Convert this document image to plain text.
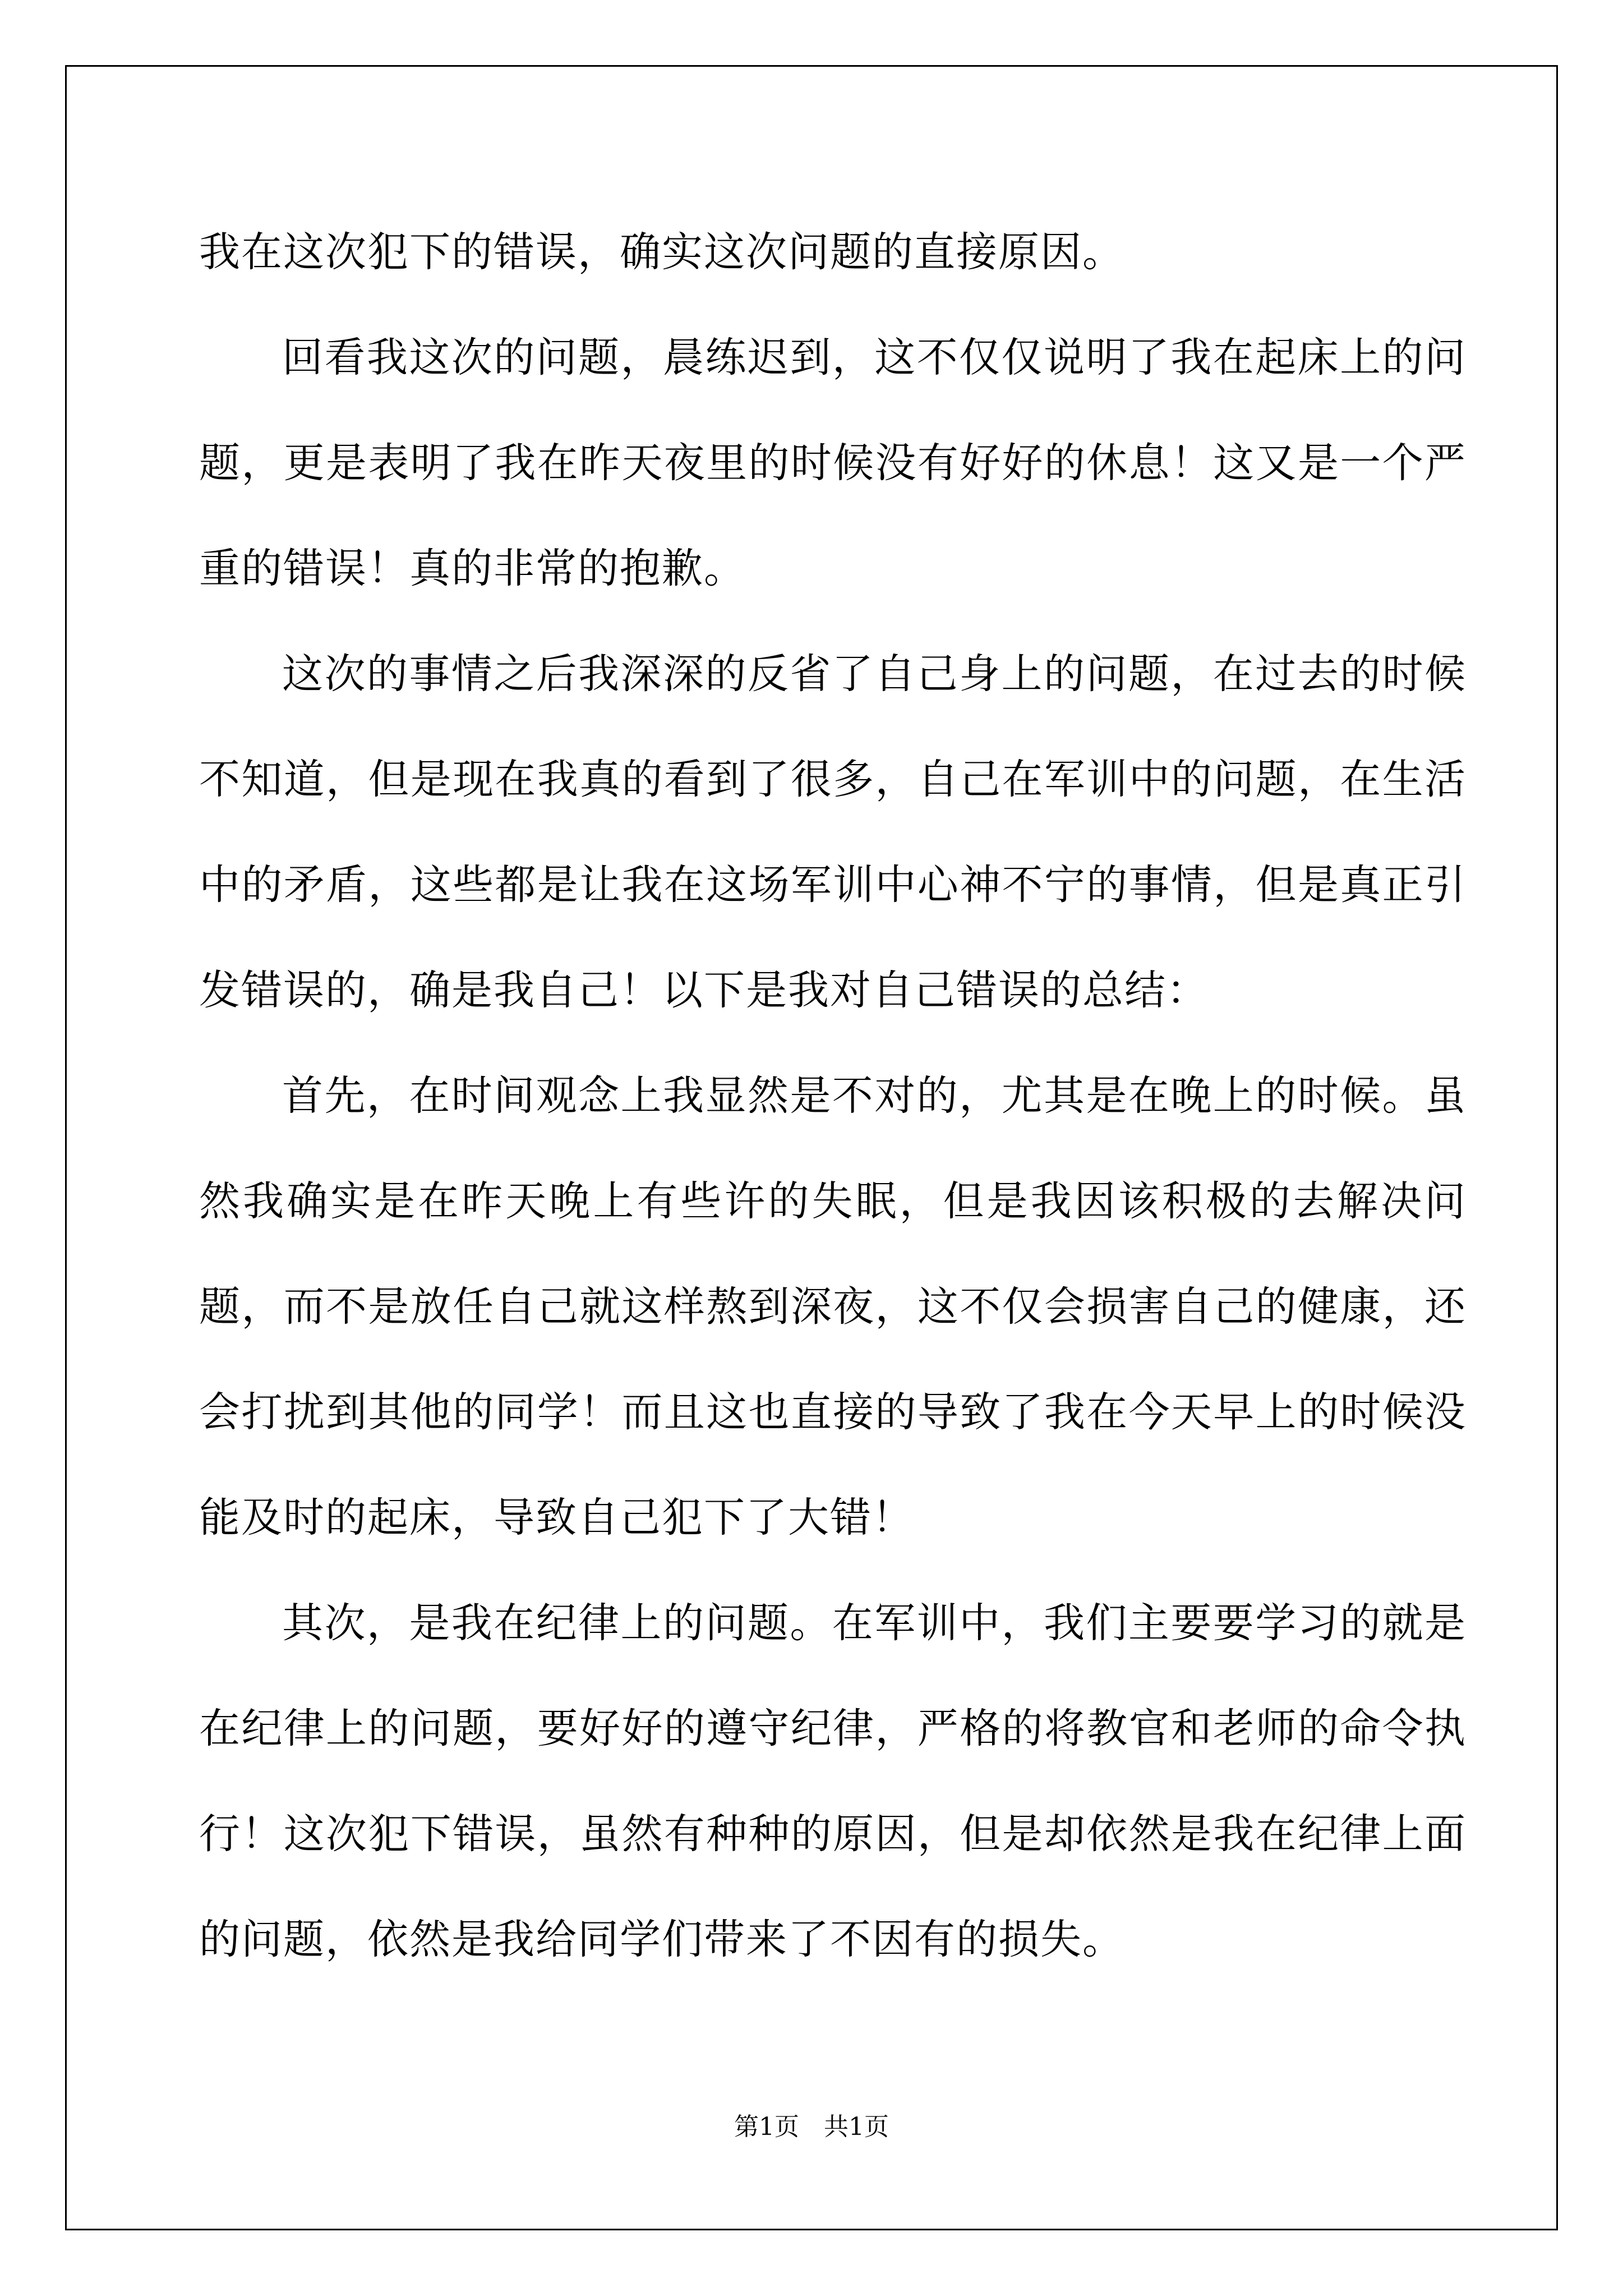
我在这次犯下的错误，确实这次问题的直接原因。

回看我这次的问题，晨练迟到，这不仅仅说明了我在起床上的问题，更是表明了我在昨天夜里的时候没有好好的休息！这又是一个严重的错误！真的非常的抱歉。

这次的事情之后我深深的反省了自己身上的问题，在过去的时候不知道，但是现在我真的看到了很多，自己在军训中的问题，在生活中的矛盾，这些都是让我在这场军训中心神不宁的事情，但是真正引发错误的，确是我自己！以下是我对自己错误的总结：

首先，在时间观念上我显然是不对的，尤其是在晚上的时候。虽然我确实是在昨天晚上有些许的失眠，但是我因该积极的去解决问题，而不是放任自己就这样熬到深夜，这不仅会损害自己的健康，还会打扰到其他的同学！而且这也直接的导致了我在今天早上的时候没能及时的起床，导致自己犯下了大错！

其次，是我在纪律上的问题。在军训中，我们主要要学习的就是在纪律上的问题，要好好的遵守纪律，严格的将教官和老师的命令执行！这次犯下错误，虽然有种种的原因，但是却依然是我在纪律上面的问题，依然是我给同学们带来了不因有的损失。

第1页　共1页
